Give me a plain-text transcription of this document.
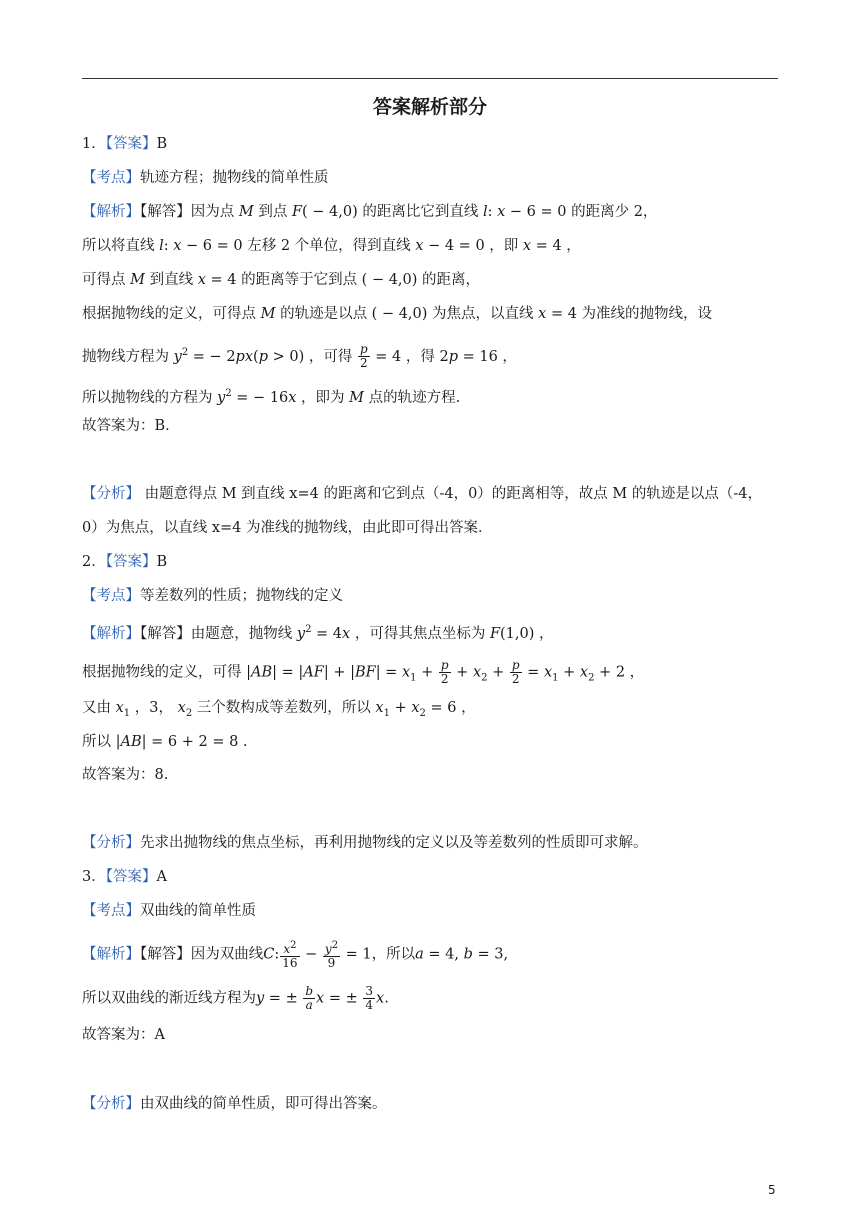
答案解析部分
1．【答案】B
【考点】轨迹方程；抛物线的简单性质
【解析】【解答】因为点 M 到点 F( − 4,0) 的距离比它到直线 l: x − 6 = 0 的距离少 2，
所以将直线 l: x − 6 = 0 左移 2 个单位，得到直线 x − 4 = 0 ，即 x = 4 ，
可得点 M 到直线 x = 4 的距离等于它到点 ( − 4,0) 的距离，
根据抛物线的定义，可得点 M 的轨迹是以点 ( − 4,0) 为焦点，以直线 x = 4 为准线的抛物线，设
抛物线方程为 $y^2$ = − 2px(p > 0) ，可得 $\frac{p}{2} = 4$ ，得 2p = 16 ，
所以抛物线的方程为 $y^2$ = − 16x ，即为 M 点的轨迹方程.
故答案为：B．
【分析】 由题意得点 M 到直线 x=4 的距离和它到点（-4，0）的距离相等，故点 M 的轨迹是以点（-4，
0）为焦点，以直线 x=4 为准线的抛物线，由此即可得出答案．
2．【答案】B
【考点】等差数列的性质；抛物线的定义
【解析】【解答】由题意，抛物线 $y^2 = 4x$ ，可得其焦点坐标为 F(1,0) ，
根据抛物线的定义，可得 $|AB| = |AF| + |BF| = x_1 + \frac{p}{2} + x_2 + \frac{p}{2} = x_1 + x_2 + 2$ ，
又由 $x_1$ ，3， $x_2$ 三个数构成等差数列，所以 $x_1 + x_2 = 6$ ，
所以 |AB| = 6 + 2 = 8 .
故答案为：8.
【分析】先求出抛物线的焦点坐标，再利用抛物线的定义以及等差数列的性质即可求解。
3．【答案】A
【考点】双曲线的简单性质
【解析】【解答】因为双曲线C: $\frac{x^2}{16} - \frac{y^2}{9} = 1$，所以a = 4, b = 3,
所以双曲线的渐近线方程为y = ± $\frac{b}{a}$ x = ± $\frac{3}{4} x$.
故答案为：A
【分析】由双曲线的简单性质，即可得出答案。
5
